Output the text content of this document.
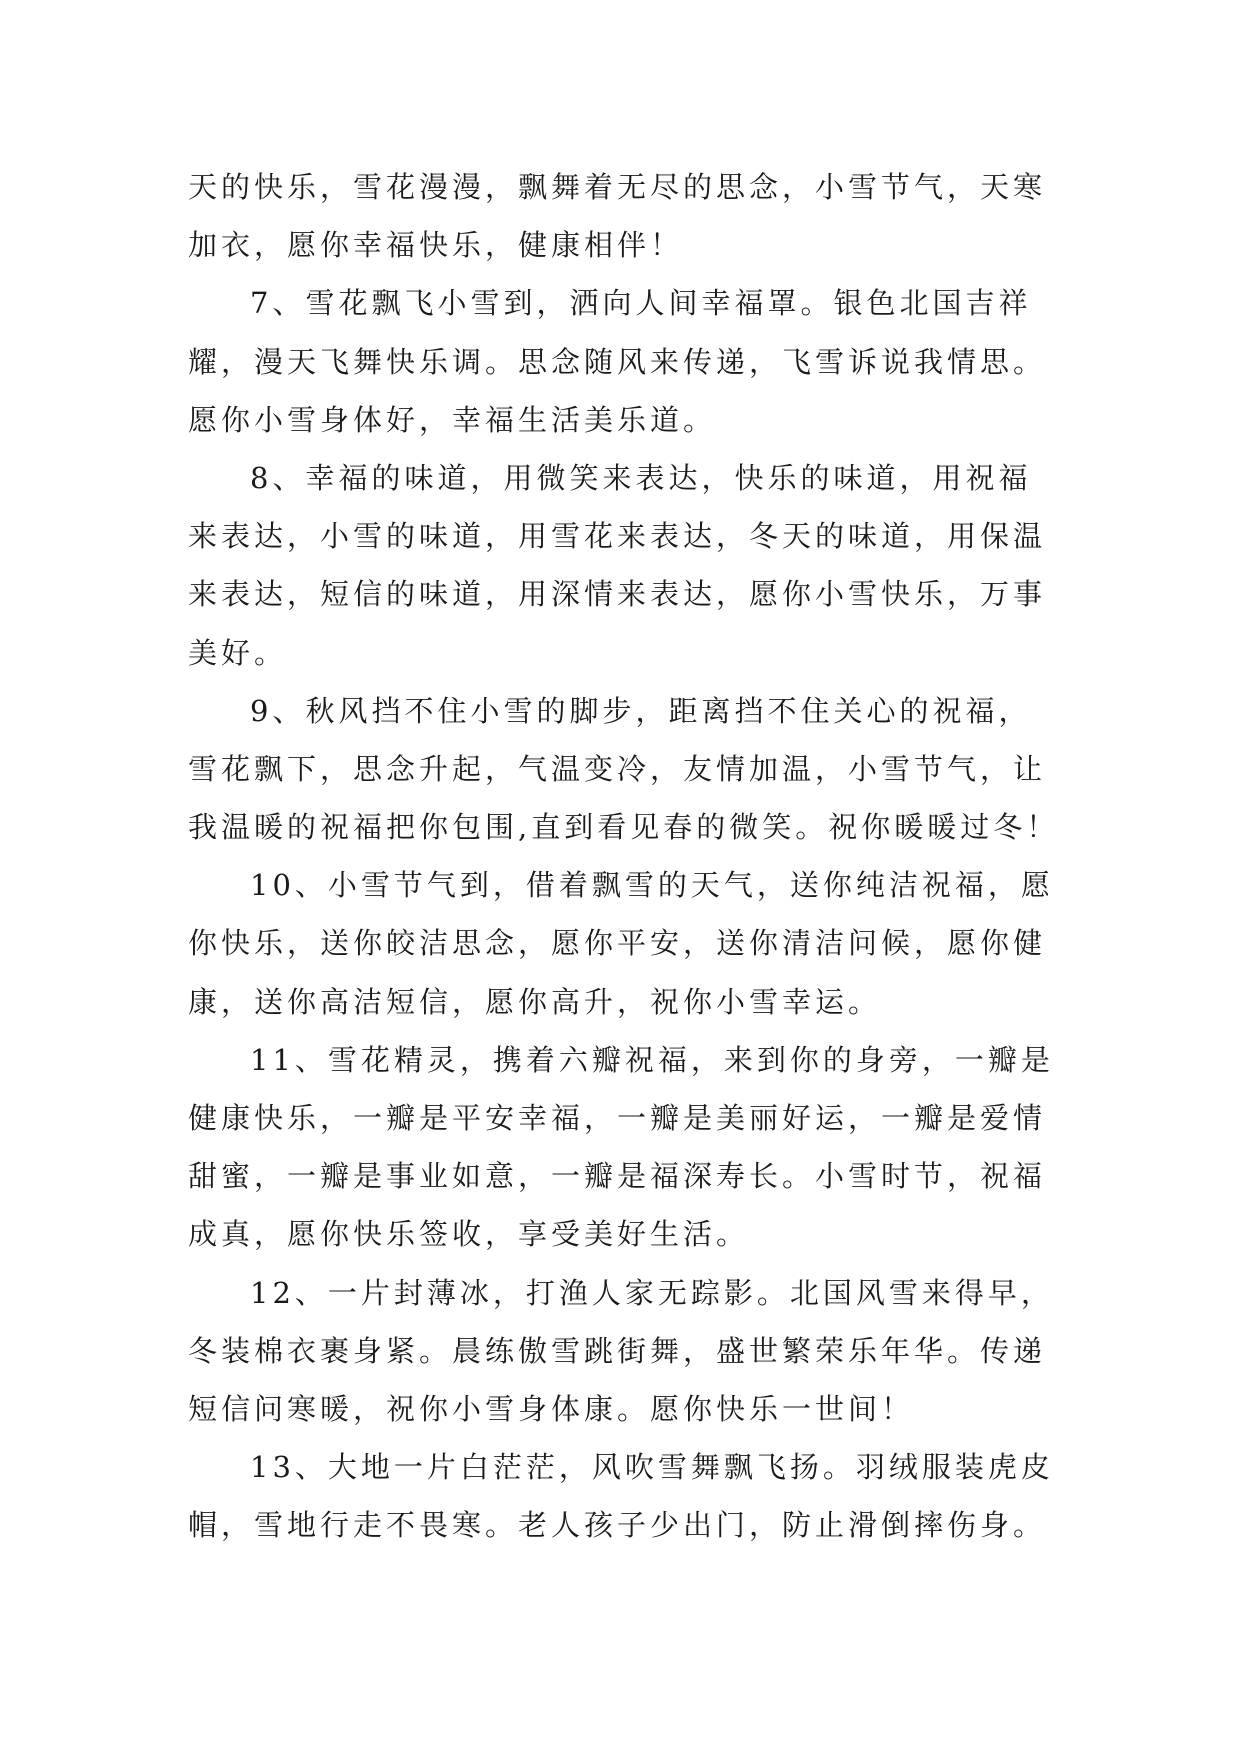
天的快乐，雪花漫漫，飘舞着无尽的思念，小雪节气，天寒
加衣，愿你幸福快乐，健康相伴！
7、雪花飘飞小雪到，洒向人间幸福罩。银色北国吉祥
耀，漫天飞舞快乐调。思念随风来传递，飞雪诉说我情思。
愿你小雪身体好，幸福生活美乐道。
8、幸福的味道，用微笑来表达，快乐的味道，用祝福
来表达，小雪的味道，用雪花来表达，冬天的味道，用保温
来表达，短信的味道，用深情来表达，愿你小雪快乐，万事
美好。
9、秋风挡不住小雪的脚步，距离挡不住关心的祝福，
雪花飘下，思念升起，气温变冷，友情加温，小雪节气，让
我温暖的祝福把你包围,直到看见春的微笑。祝你暖暖过冬！
10、小雪节气到，借着飘雪的天气，送你纯洁祝福，愿
你快乐，送你皎洁思念，愿你平安，送你清洁问候，愿你健
康，送你高洁短信，愿你高升，祝你小雪幸运。
11、雪花精灵，携着六瓣祝福，来到你的身旁，一瓣是
健康快乐，一瓣是平安幸福，一瓣是美丽好运，一瓣是爱情
甜蜜，一瓣是事业如意，一瓣是福深寿长。小雪时节，祝福
成真，愿你快乐签收，享受美好生活。
12、一片封薄冰，打渔人家无踪影。北国风雪来得早，
冬装棉衣裹身紧。晨练傲雪跳街舞，盛世繁荣乐年华。传递
短信问寒暖，祝你小雪身体康。愿你快乐一世间！
13、大地一片白茫茫，风吹雪舞飘飞扬。羽绒服装虎皮
帽，雪地行走不畏寒。老人孩子少出门，防止滑倒摔伤身。
